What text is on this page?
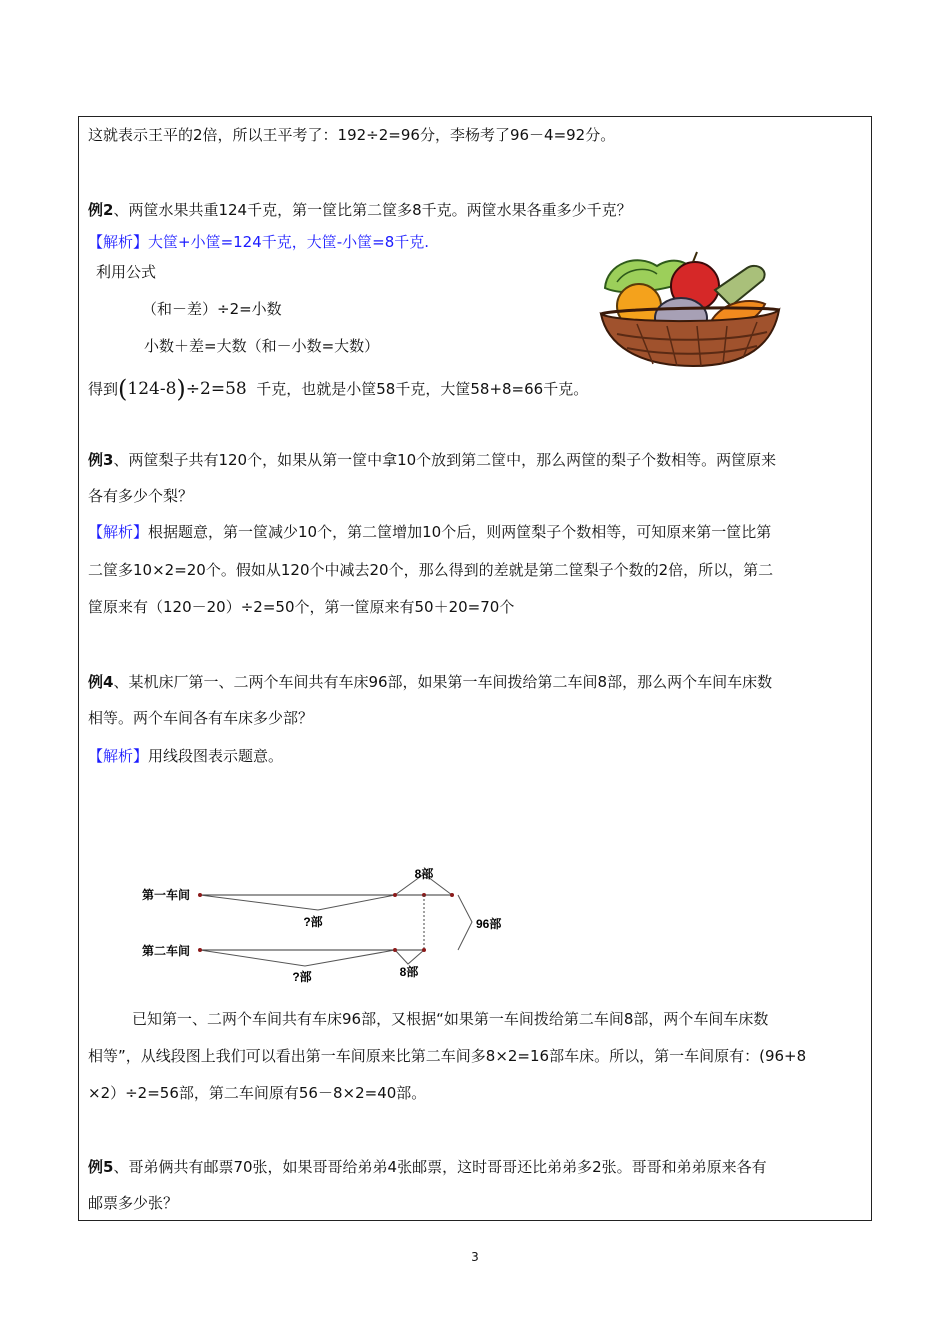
这就表示王平的2倍，所以王平考了：192÷2=96分，李杨考了96－4=92分。
例2、两筐水果共重124千克，第一筐比第二筐多8千克。两筐水果各重多少千克？
【解析】大筐+小筐=124千克，大筐-小筐=8千克.
利用公式
（和－差）÷2=小数
小数＋差=大数（和－小数=大数）
得到(124-8)÷2=58 千克，也就是小筐58千克，大筐58+8=66千克。
例3、两筐梨子共有120个，如果从第一筐中拿10个放到第二筐中，那么两筐的梨子个数相等。两筐原来
各有多少个梨？
【解析】根据题意，第一筐减少10个，第二筐增加10个后，则两筐梨子个数相等，可知原来第一筐比第
二筐多10×2=20个。假如从120个中减去20个，那么得到的差就是第二筐梨子个数的2倍，所以，第二
筐原来有（120－20）÷2=50个，第一筐原来有50＋20=70个
例4、某机床厂第一、二两个车间共有车床96部，如果第一车间拨给第二车间8部，那么两个车间车床数
相等。两个车间各有车床多少部？
【解析】用线段图表示题意。
第一车间
第二车间
8部
?部
?部	8部
96部
已知第一、二两个车间共有车床96部，又根据“如果第一车间拨给第二车间8部，两个车间车床数
相等”，从线段图上我们可以看出第一车间原来比第二车间多8×2=16部车床。所以，第一车间原有：(96+8
×2）÷2=56部，第二车间原有56－8×2=40部。
例5、哥弟俩共有邮票70张，如果哥哥给弟弟4张邮票，这时哥哥还比弟弟多2张。哥哥和弟弟原来各有
邮票多少张？
3
